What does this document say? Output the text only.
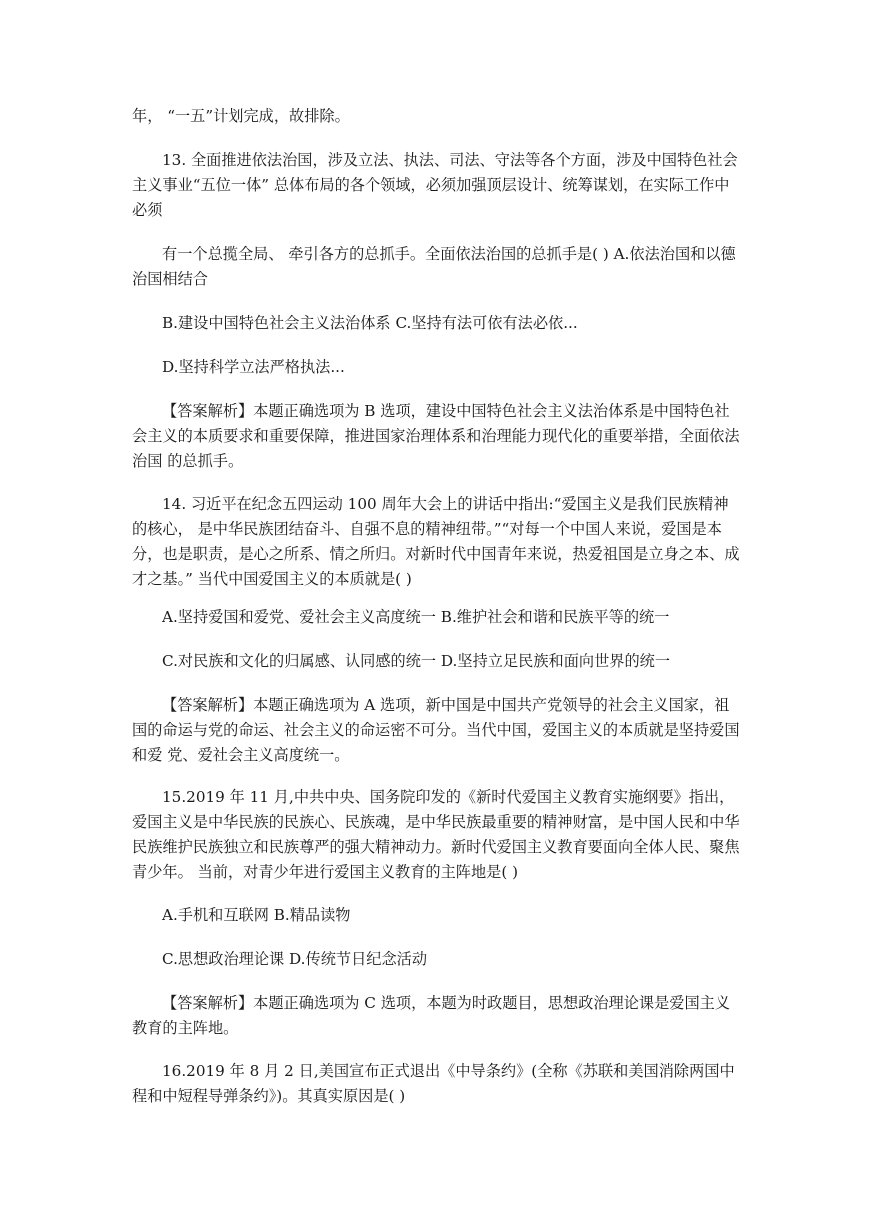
年， “一五”计划完成，故排除。

13. 全面推进依法治国，涉及立法、执法、司法、守法等各个方面，涉及中国特色社会主义事业“五位一体” 总体布局的各个领域，必须加强顶层设计、统筹谋划，在实际工作中必须

有一个总揽全局、 牵引各方的总抓手。全面依法治国的总抓手是( ) A.依法治国和以德治国相结合

B.建设中国特色社会主义法治体系 C.坚持有法可依有法必依...

D.坚持科学立法严格执法...

【答案解析】本题正确选项为 B 选项，建设中国特色社会主义法治体系是中国特色社会主义的本质要求和重要保障，推进国家治理体系和治理能力现代化的重要举措，全面依法治国 的总抓手。

14. 习近平在纪念五四运动 100 周年大会上的讲话中指出:“爱国主义是我们民族精神的核心， 是中华民族团结奋斗、自强不息的精神纽带。”“对每一个中国人来说，爱国是本分，也是职责，是心之所系、情之所归。对新时代中国青年来说，热爱祖国是立身之本、成才之基。” 当代中国爱国主义的本质就是( )

A.坚持爱国和爱党、爱社会主义高度统一 B.维护社会和谐和民族平等的统一

C.对民族和文化的归属感、认同感的统一 D.坚持立足民族和面向世界的统一

【答案解析】本题正确选项为 A 选项，新中国是中国共产党领导的社会主义国家，祖国的命运与党的命运、社会主义的命运密不可分。当代中国，爱国主义的本质就是坚持爱国和爱 党、爱社会主义高度统一。

15.2019 年 11 月,中共中央、国务院印发的《新时代爱国主义教育实施纲要》指出，爱国主义是中华民族的民族心、民族魂，是中华民族最重要的精神财富，是中国人民和中华民族维护民族独立和民族尊严的强大精神动力。新时代爱国主义教育要面向全体人民、聚焦青少年。 当前，对青少年进行爱国主义教育的主阵地是( )

A.手机和互联网 B.精品读物

C.思想政治理论课 D.传统节日纪念活动

【答案解析】本题正确选项为 C 选项，本题为时政题目，思想政治理论课是爱国主义教育的主阵地。

16.2019 年 8 月 2 日,美国宣布正式退出《中导条约》(全称《苏联和美国消除两国中程和中短程导弹条约》)。其真实原因是( )
